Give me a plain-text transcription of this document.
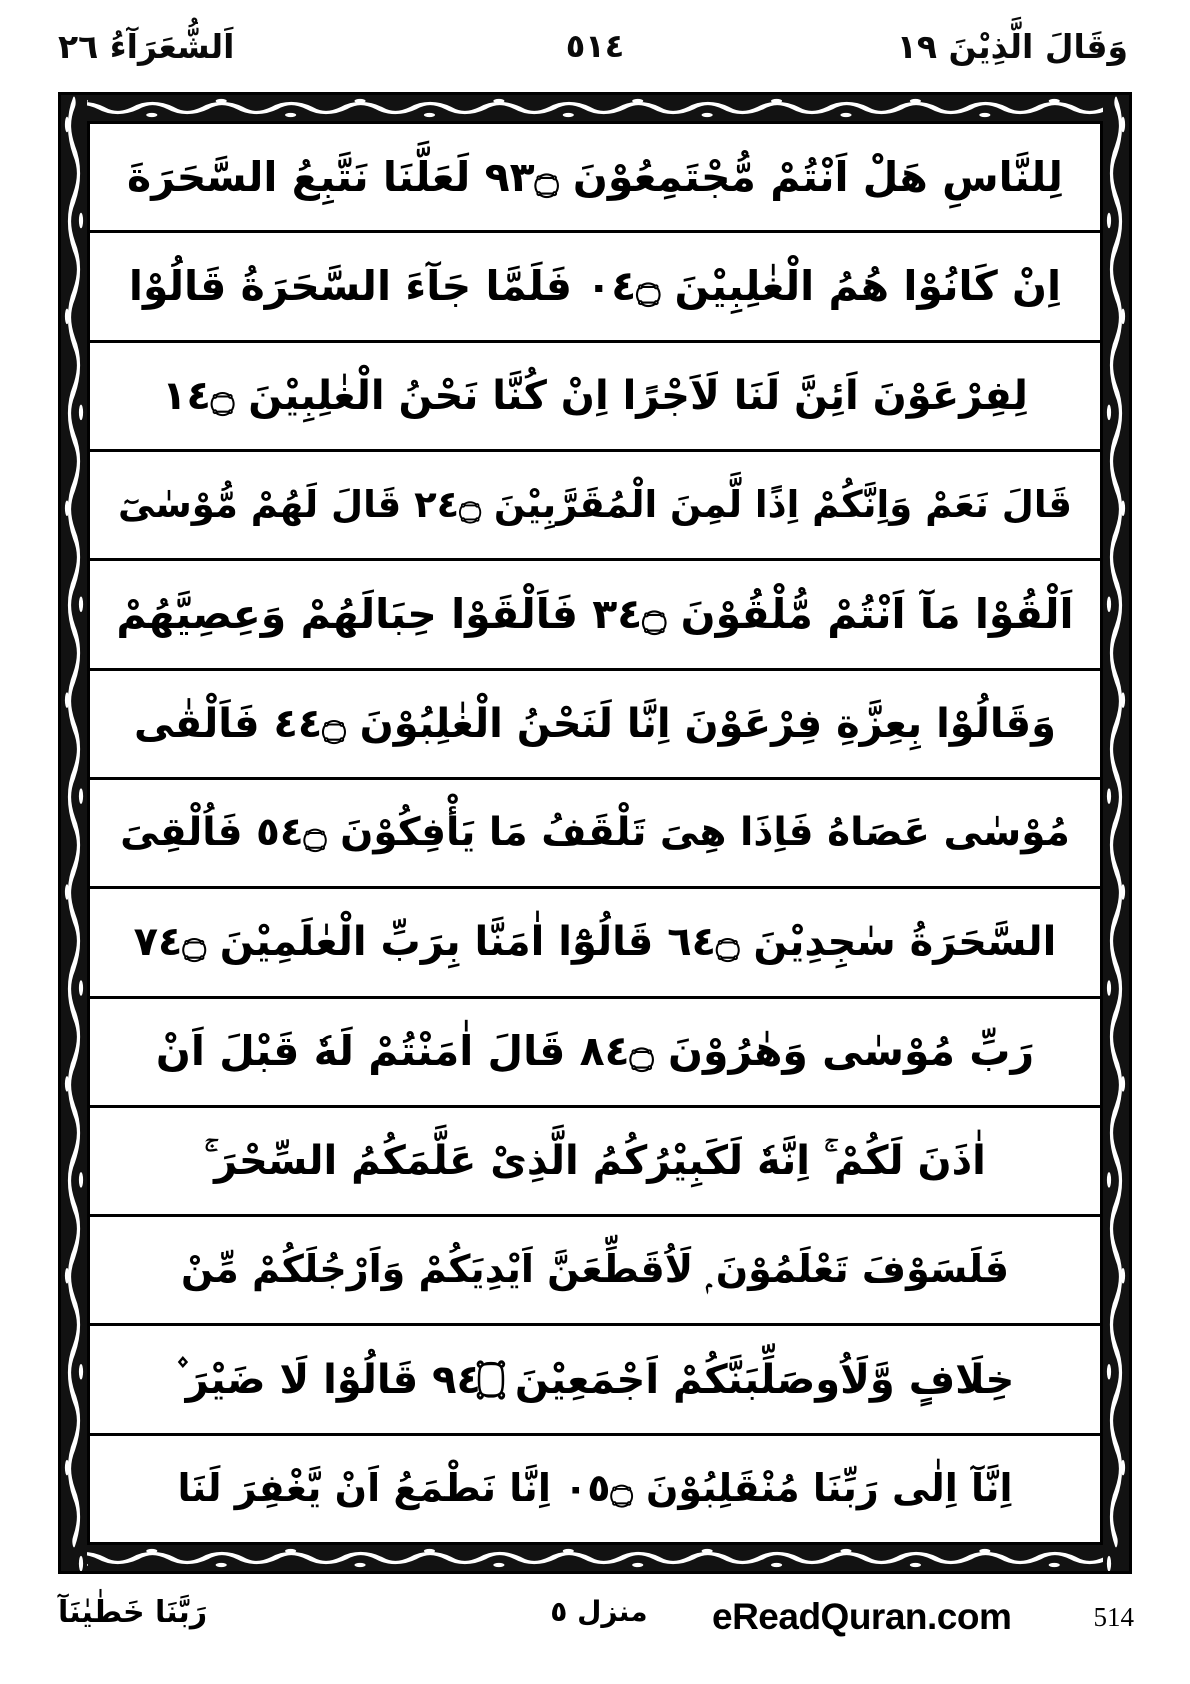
وَقَالَ الَّذِيْنَ ١٩
٥١٤
اَلشُّعَرَآءُ ٢٦
لِلنَّاسِ هَلْ اَنْتُمْ مُّجْتَمِعُوْنَ ۝٣٩ لَعَلَّنَا نَتَّبِعُ السَّحَرَةَ
اِنْ كَانُوْا هُمُ الْغٰلِبِيْنَ ۝٤٠ فَلَمَّا جَآءَ السَّحَرَةُ قَالُوْا
لِفِرْعَوْنَ اَئِنَّ لَنَا لَاَجْرًا اِنْ كُنَّا نَحْنُ الْغٰلِبِيْنَ ۝٤١
قَالَ نَعَمْ وَاِنَّكُمْ اِذًا لَّمِنَ الْمُقَرَّبِيْنَ ۝٤٢ قَالَ لَهُمْ مُّوْسٰىٓ
اَلْقُوْا مَآ اَنْتُمْ مُّلْقُوْنَ ۝٤٣ فَاَلْقَوْا حِبَالَهُمْ وَعِصِيَّهُمْ
وَقَالُوْا بِعِزَّةِ فِرْعَوْنَ اِنَّا لَنَحْنُ الْغٰلِبُوْنَ ۝٤٤ فَاَلْقٰى
مُوْسٰى عَصَاهُ فَاِذَا هِىَ تَلْقَفُ مَا يَأْفِكُوْنَ ۝٤٥ فَاُلْقِىَ
السَّحَرَةُ سٰجِدِيْنَ ۝٤٦ قَالُوْٓا اٰمَنَّا بِرَبِّ الْعٰلَمِيْنَ ۝٤٧
رَبِّ مُوْسٰى وَهٰرُوْنَ ۝٤٨ قَالَ اٰمَنْتُمْ لَهٗ قَبْلَ اَنْ
اٰذَنَ لَكُمْ ۚ اِنَّهٗ لَكَبِيْرُكُمُ الَّذِىْ عَلَّمَكُمُ السِّحْرَ ۚ
فَلَسَوْفَ تَعْلَمُوْنَ ۭ لَاُقَطِّعَنَّ اَيْدِيَكُمْ وَاَرْجُلَكُمْ مِّنْ
خِلَافٍ وَّلَاُوصَلِّبَنَّكُمْ اَجْمَعِيْنَ ۝٤٩ قَالُوْا لَا ضَيْرَ ۫
اِنَّآ اِلٰى رَبِّنَا مُنْقَلِبُوْنَ ۝٥٠ اِنَّا نَطْمَعُ اَنْ يَّغْفِرَ لَنَا
رَبَّنَا خَطٰيٰنَآ	منزل ٥ eReadQuran.com	514
